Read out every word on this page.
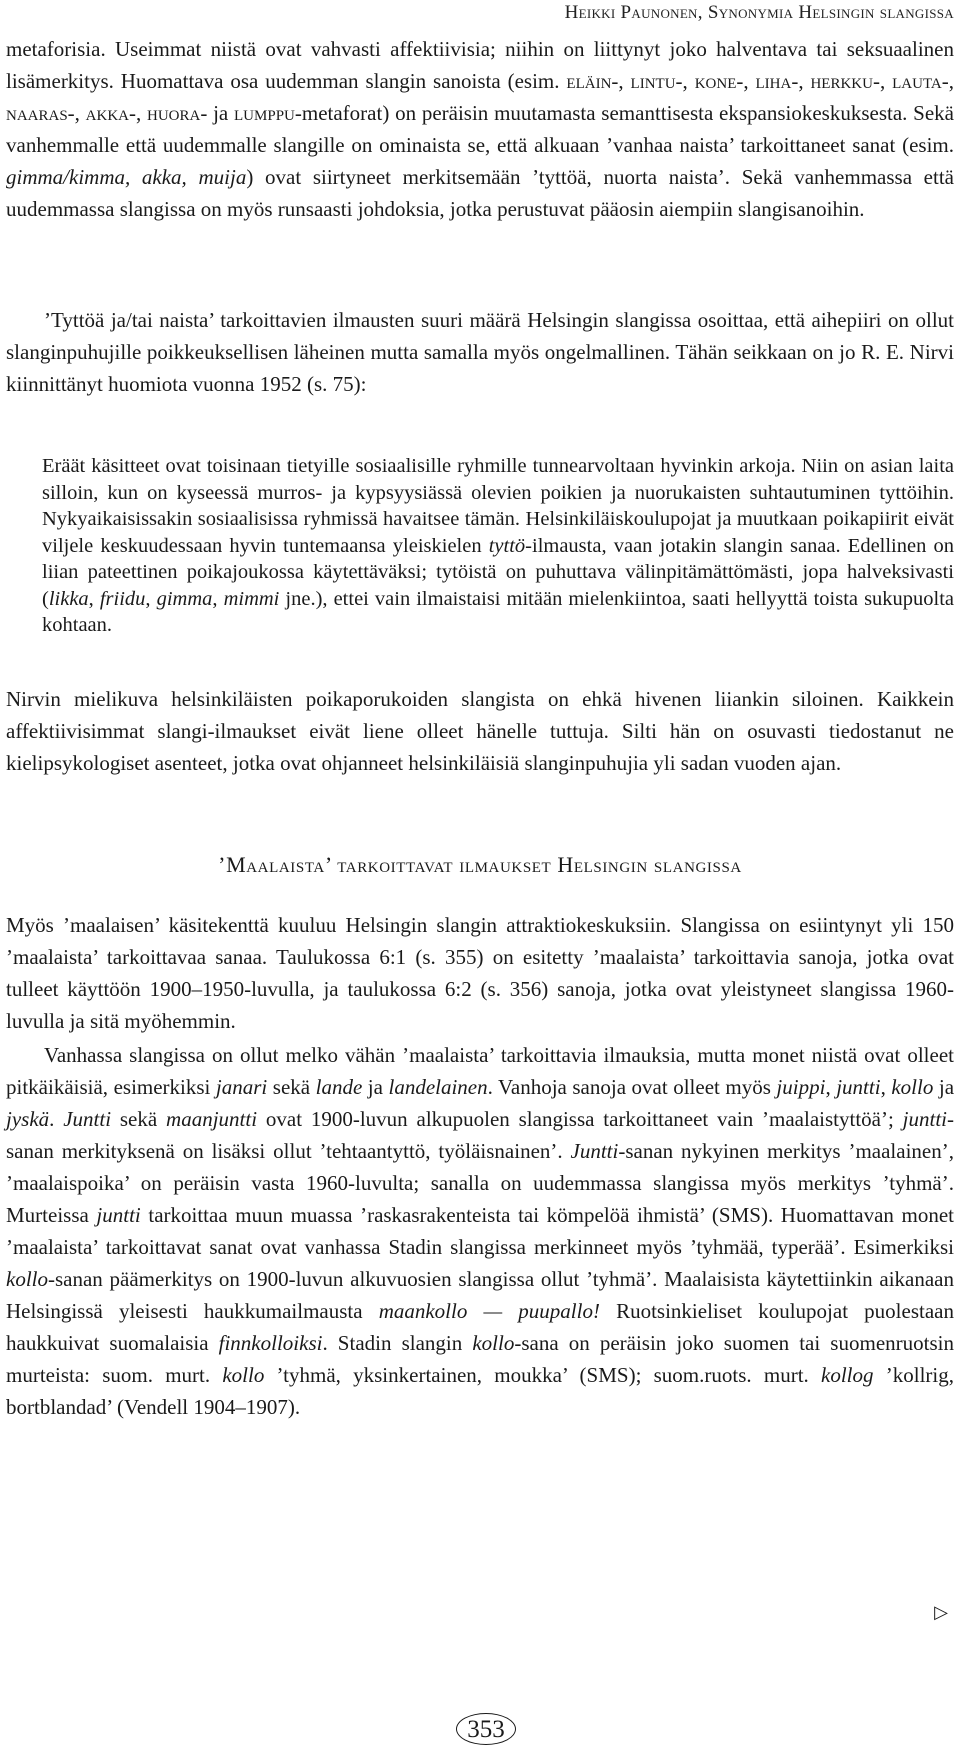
Heikki Paunonen, Synonymia Helsingin slangissa

metaforisia. Useimmat niistä ovat vahvasti affektiivisia; niihin on liittynyt joko halventava tai seksuaalinen lisämerkitys. Huomattava osa uudemman slangin sanoista (esim. eläin-, lintu-, kone-, liha-, herkku-, lauta-, naaras-, akka-, huora- ja lumppu-metaforat) on peräisin muutamasta semanttisesta ekspansiokeskuksesta. Sekä vanhemmalle että uudemmalle slangille on ominaista se, että alkuaan ’vanhaa naista’ tarkoittaneet sanat (esim. gimma/kimma, akka, muija) ovat siirtyneet merkitsemään ’tyttöä, nuorta naista’. Sekä vanhemmassa että uudemmassa slangissa on myös runsaasti johdoksia, jotka perustuvat pääosin aiempiin slangisanoihin.

’Tyttöä ja/tai naista’ tarkoittavien ilmausten suuri määrä Helsingin slangissa osoittaa, että aihepiiri on ollut slanginpuhujille poikkeuksellisen läheinen mutta samalla myös ongelmallinen. Tähän seikkaan on jo R. E. Nirvi kiinnittänyt huomiota vuonna 1952 (s. 75):

Eräät käsitteet ovat toisinaan tietyille sosiaalisille ryhmille tunnearvoltaan hyvinkin arkoja. Niin on asian laita silloin, kun on kyseessä murros- ja kypsyysiässä olevien poikien ja nuorukaisten suhtautuminen tyttöihin. Nykyaikaisissakin sosiaalisissa ryhmissä havaitsee tämän. Helsinkiläiskoulupojat ja muutkaan poikapiirit eivät viljele keskuudessaan hyvin tuntemaansa yleiskielen tyttö-ilmausta, vaan jotakin slangin sanaa. Edellinen on liian pateettinen poikajoukossa käytettäväksi; tytöistä on puhuttava välinpitämättömästi, jopa halveksivasti (likka, friidu, gimma, mimmi jne.), ettei vain ilmaistaisi mitään mielenkiintoa, saati hellyyttä toista sukupuolta kohtaan.

Nirvin mielikuva helsinkiläisten poikaporukoiden slangista on ehkä hivenen liiankin siloinen. Kaikkein affektiivisimmat slangi-ilmaukset eivät liene olleet hänelle tuttuja. Silti hän on osuvasti tiedostanut ne kielipsykologiset asenteet, jotka ovat ohjanneet helsinkiläisiä slanginpuhujia yli sadan vuoden ajan.

’Maalaista’ tarkoittavat ilmaukset Helsingin slangissa

Myös ’maalaisen’ käsitekenttä kuuluu Helsingin slangin attraktiokeskuksiin. Slangissa on esiintynyt yli 150 ’maalaista’ tarkoittavaa sanaa. Taulukossa 6:1 (s. 355) on esitetty ’maalaista’ tarkoittavia sanoja, jotka ovat tulleet käyttöön 1900–1950-luvulla, ja taulukossa 6:2 (s. 356) sanoja, jotka ovat yleistyneet slangissa 1960-luvulla ja sitä myöhemmin.

Vanhassa slangissa on ollut melko vähän ’maalaista’ tarkoittavia ilmauksia, mutta monet niistä ovat olleet pitkäikäisiä, esimerkiksi janari sekä lande ja landelainen. Vanhoja sanoja ovat olleet myös juippi, juntti, kollo ja jyskä. Juntti sekä maanjuntti ovat 1900-luvun alkupuolen slangissa tarkoittaneet vain ’maalaistyttöä’; juntti-sanan merkityksenä on lisäksi ollut ’tehtaantyttö, työläisnainen’. Juntti-sanan nykyinen merkitys ’maalainen’, ’maalaispoika’ on peräisin vasta 1960-luvulta; sanalla on uudemmassa slangissa myös merkitys ’tyhmä’. Murteissa juntti tarkoittaa muun muassa ’raskasrakenteista tai kömpelöä ihmistä’ (SMS). Huomattavan monet ’maalaista’ tarkoittavat sanat ovat vanhassa Stadin slangissa merkinneet myös ’tyhmää, typerää’. Esimerkiksi kollo-sanan päämerkitys on 1900-luvun alkuvuosien slangissa ollut ’tyhmä’. Maalaisista käytettiinkin aikanaan Helsingissä yleisesti haukkumailmausta maankollo — puupallo! Ruotsinkieliset koulupojat puolestaan haukkuivat suomalaisia finnkolloiksi. Stadin slangin kollo-sana on peräisin joko suomen tai suomenruotsin murteista: suom. murt. kollo ’tyhmä, yksinkertainen, moukka’ (SMS); suom.ruots. murt. kollog ’kollrig, bortblandad’ (Vendell 1904–1907).

▷
353
